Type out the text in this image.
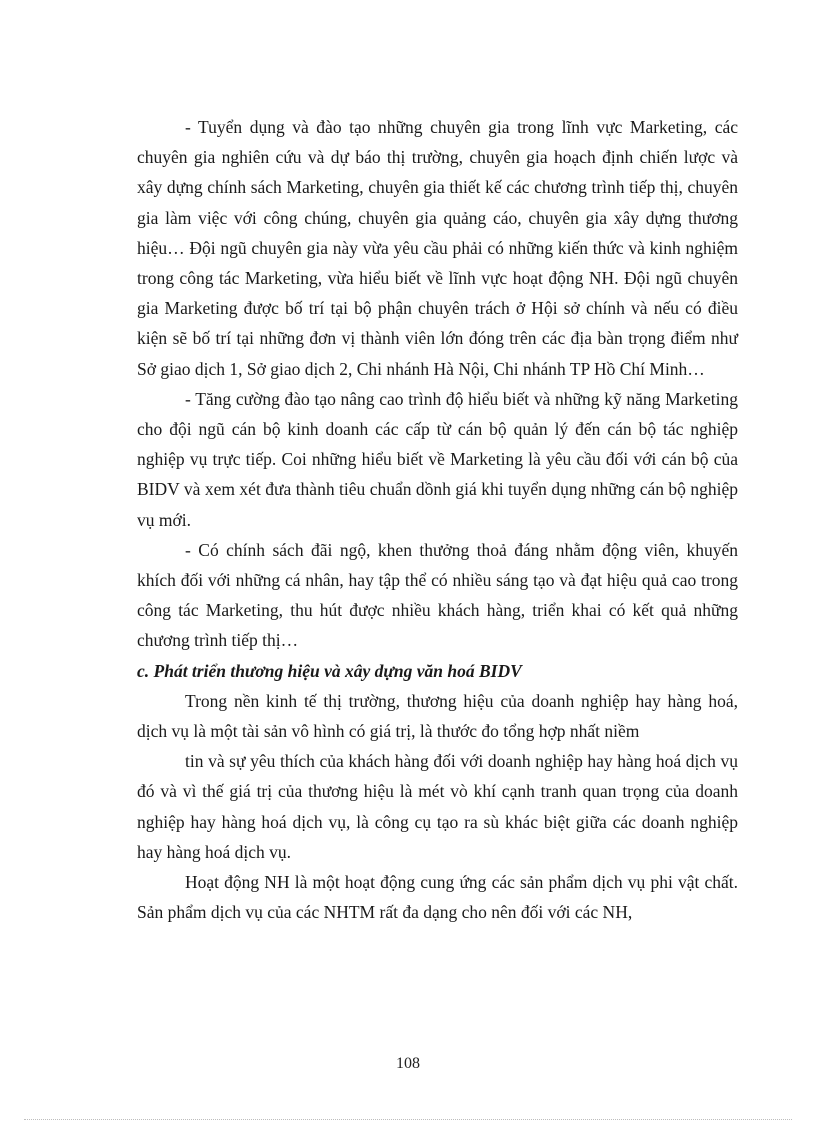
- Tuyển dụng và đào tạo những chuyên gia trong lĩnh vực Marketing, các chuyên gia nghiên cứu và dự báo thị trường, chuyên gia hoạch định chiến lược và xây dựng chính sách Marketing, chuyên gia thiết kế các chương trình tiếp thị, chuyên gia làm việc với công chúng, chuyên gia quảng cáo, chuyên gia xây dựng thương hiệu… Đội ngũ chuyên gia này vừa yêu cầu phải có những kiến thức và kinh nghiệm trong công tác Marketing, vừa hiểu biết về lĩnh vực hoạt động NH. Đội ngũ chuyên gia Marketing được bố trí tại bộ phận chuyên trách ở Hội sở chính và nếu có điều kiện sẽ bố trí tại những đơn vị thành viên lớn đóng trên các địa bàn trọng điểm như Sở giao dịch 1, Sở giao dịch 2, Chi nhánh Hà Nội, Chi nhánh TP Hồ Chí Minh…

- Tăng cường đào tạo nâng cao trình độ hiểu biết và những kỹ năng Marketing cho đội ngũ cán bộ kinh doanh các cấp từ cán bộ quản lý đến cán bộ tác nghiệp nghiệp vụ trực tiếp. Coi những hiểu biết về Marketing là yêu cầu đối với cán bộ của BIDV và xem xét đưa thành tiêu chuẩn dồnh giá khi tuyển dụng những cán bộ nghiệp vụ mới.

- Có chính sách đãi ngộ, khen thưởng thoả đáng nhằm động viên, khuyến khích đối với những cá nhân, hay tập thể có nhiều sáng tạo và đạt hiệu quả cao trong công tác Marketing, thu hút được nhiều khách hàng, triển khai có kết quả những chương trình tiếp thị…

c. Phát triển thương hiệu và xây dựng văn hoá BIDV

Trong nền kinh tế thị trường, thương hiệu của doanh nghiệp hay hàng hoá, dịch vụ là một tài sản vô hình có giá trị, là thước đo tổng hợp nhất niềm

tin và sự yêu thích của khách hàng đối với doanh nghiệp hay hàng hoá dịch vụ đó và vì thế giá trị của thương hiệu là mét vò khí cạnh tranh quan trọng của doanh nghiệp hay hàng hoá dịch vụ, là công cụ tạo ra sù khác biệt giữa các doanh nghiệp hay hàng hoá dịch vụ.

Hoạt động NH là một hoạt động cung ứng các sản phẩm dịch vụ phi vật chất. Sản phẩm dịch vụ của các NHTM rất đa dạng cho nên đối với các NH,

108
